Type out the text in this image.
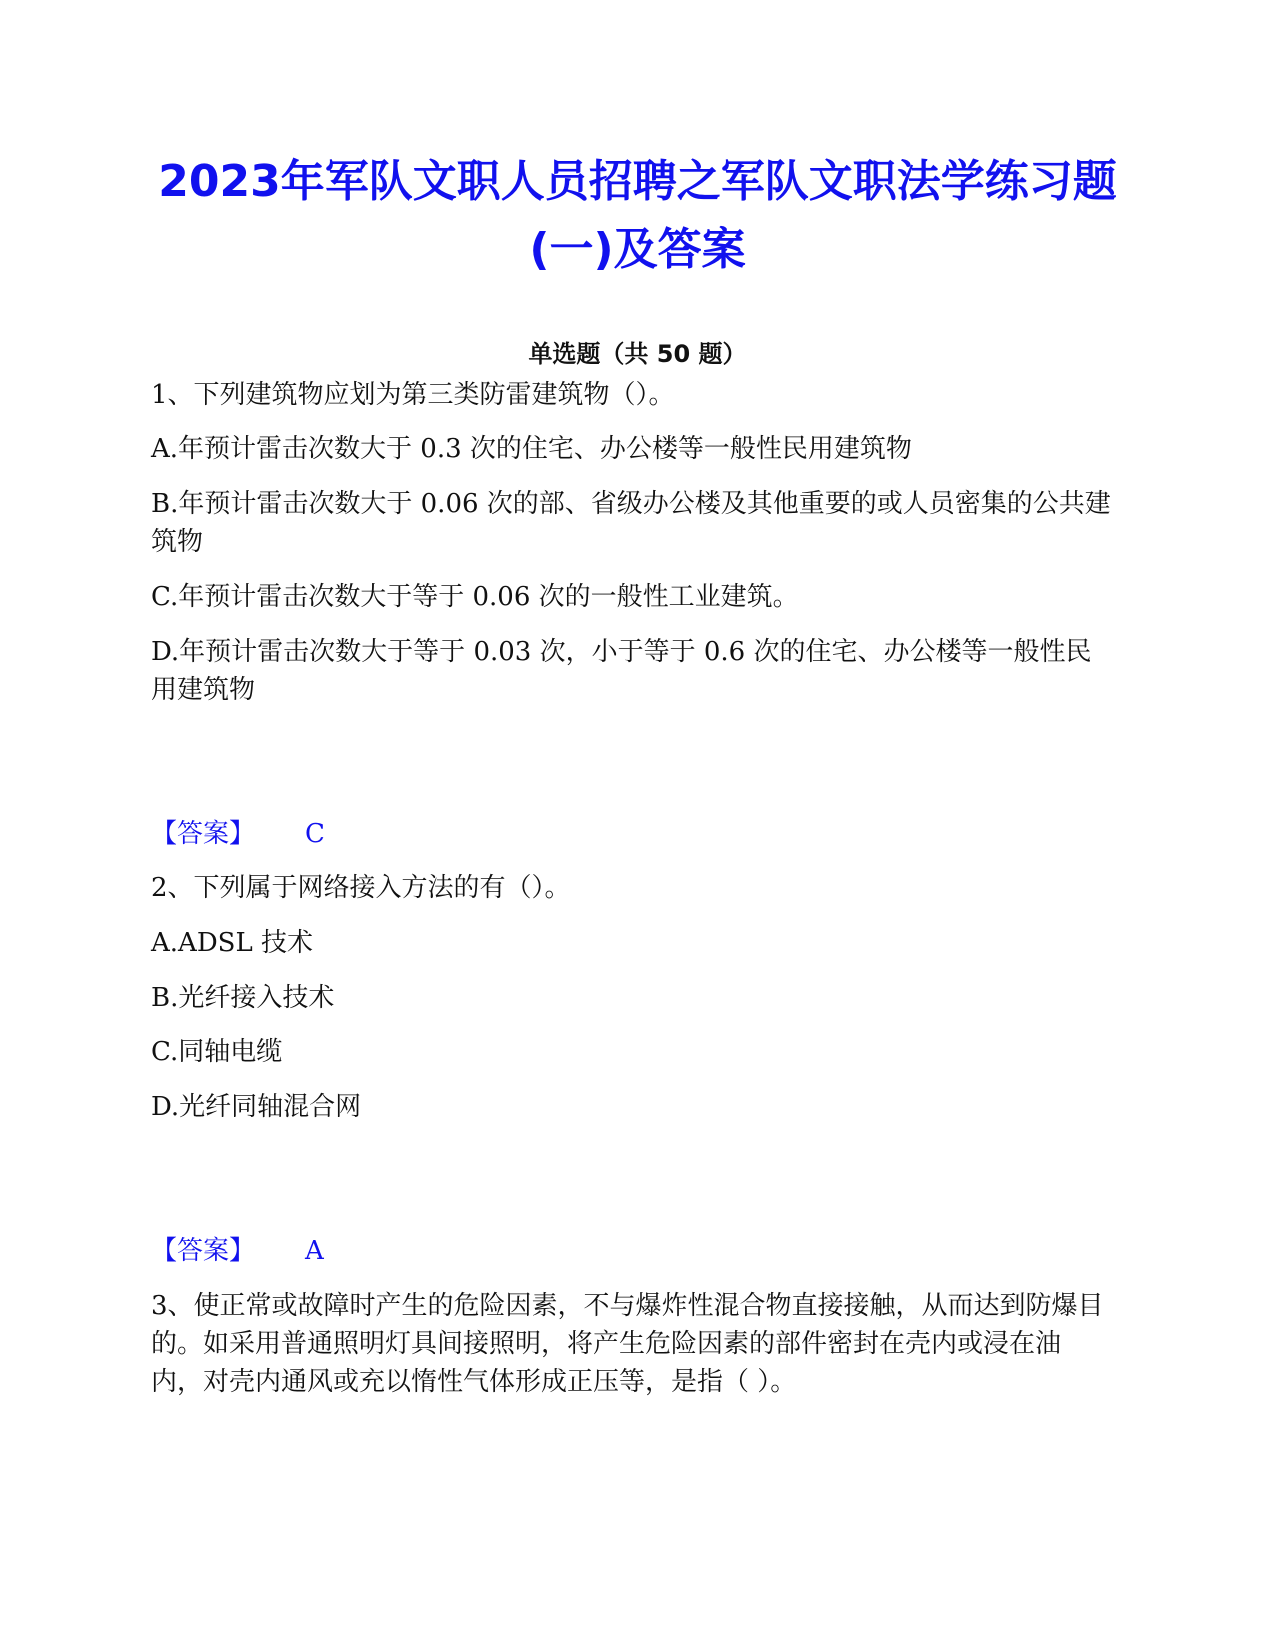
2023年军队文职人员招聘之军队文职法学练习题(一)及答案
单选题（共 50 题）

1、下列建筑物应划为第三类防雷建筑物（）。

A.年预计雷击次数大于 0.3 次的住宅、办公楼等一般性民用建筑物

B.年预计雷击次数大于 0.06 次的部、省级办公楼及其他重要的或人员密集的公共建筑物

C.年预计雷击次数大于等于 0.06 次的一般性工业建筑。

D.年预计雷击次数大于等于 0.03 次，小于等于 0.6 次的住宅、办公楼等一般性民用建筑物

【答案】 C

2、下列属于网络接入方法的有（）。

A.ADSL 技术

B.光纤接入技术

C.同轴电缆

D.光纤同轴混合网

【答案】 A

3、使正常或故障时产生的危险因素，不与爆炸性混合物直接接触，从而达到防爆目的。如采用普通照明灯具间接照明，将产生危险因素的部件密封在壳内或浸在油内，对壳内通风或充以惰性气体形成正压等，是指（ ）。
